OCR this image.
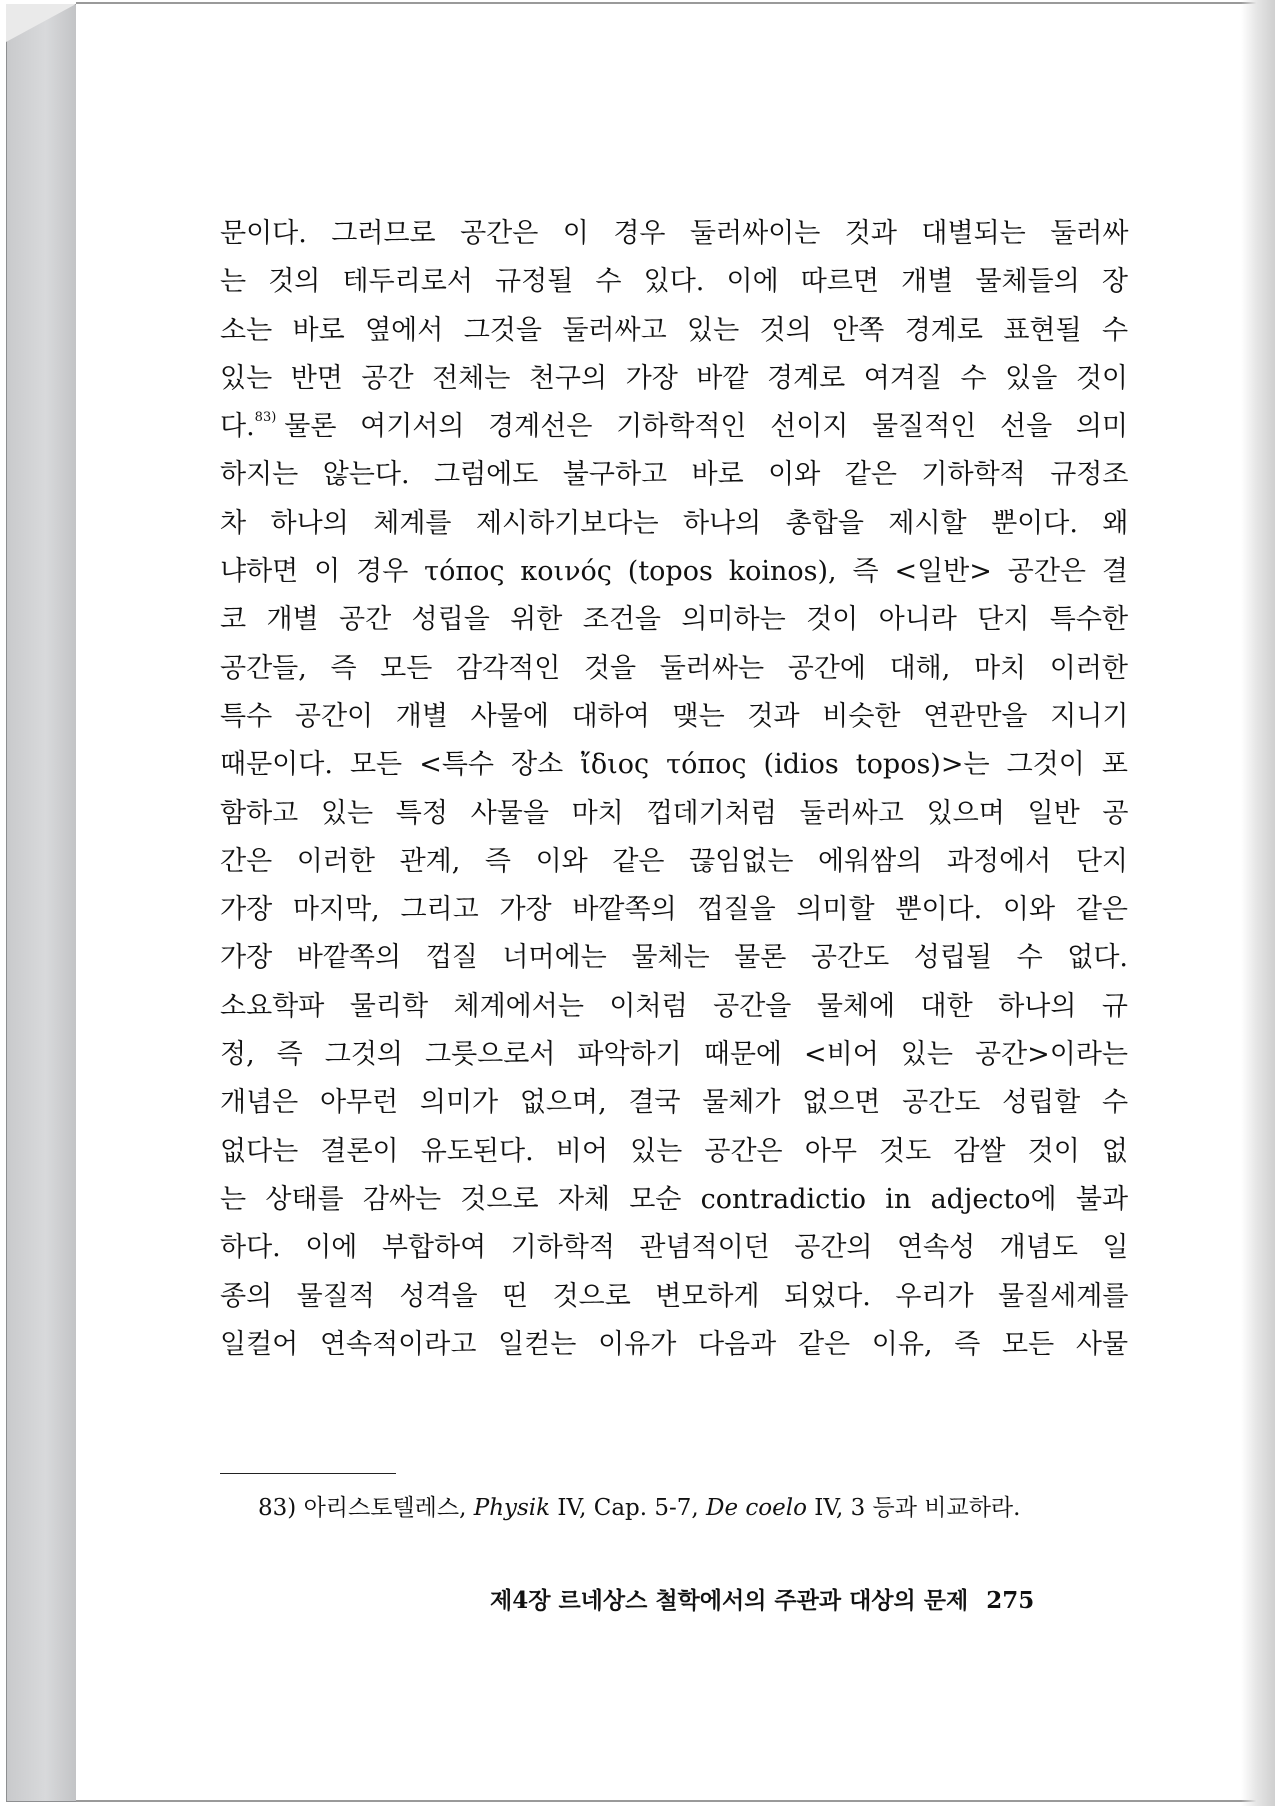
문이다. 그러므로 공간은 이 경우 둘러싸이는 것과 대별되는 둘러싸
는 것의 테두리로서 규정될 수 있다. 이에 따르면 개별 물체들의 장
소는 바로 옆에서 그것을 둘러싸고 있는 것의 안쪽 경계로 표현될 수
있는 반면 공간 전체는 천구의 가장 바깥 경계로 여겨질 수 있을 것이
다.$^{83)}$ 물론 여기서의 경계선은 기하학적인 선이지 물질적인 선을 의미
하지는 않는다. 그럼에도 불구하고 바로 이와 같은 기하학적 규정조
차 하나의 체계를 제시하기보다는 하나의 총합을 제시할 뿐이다. 왜
냐하면 이 경우 τόπος κοινός (topos koinos), 즉 <일반> 공간은 결
코 개별 공간 성립을 위한 조건을 의미하는 것이 아니라 단지 특수한
공간들, 즉 모든 감각적인 것을 둘러싸는 공간에 대해, 마치 이러한
특수 공간이 개별 사물에 대하여 맺는 것과 비슷한 연관만을 지니기
때문이다. 모든 <특수 장소 ἴδιος τόπος (idios topos)>는 그것이 포
함하고 있는 특정 사물을 마치 껍데기처럼 둘러싸고 있으며 일반 공
간은 이러한 관계, 즉 이와 같은 끊임없는 에워쌈의 과정에서 단지
가장 마지막, 그리고 가장 바깥쪽의 껍질을 의미할 뿐이다. 이와 같은
가장 바깥쪽의 껍질 너머에는 물체는 물론 공간도 성립될 수 없다.
소요학파 물리학 체계에서는 이처럼 공간을 물체에 대한 하나의 규
정, 즉 그것의 그릇으로서 파악하기 때문에 <비어 있는 공간>이라는
개념은 아무런 의미가 없으며, 결국 물체가 없으면 공간도 성립할 수
없다는 결론이 유도된다. 비어 있는 공간은 아무 것도 감쌀 것이 없
는 상태를 감싸는 것으로 자체 모순 contradictio in adjecto에 불과
하다. 이에 부합하여 기하학적 관념적이던 공간의 연속성 개념도 일
종의 물질적 성격을 띤 것으로 변모하게 되었다. 우리가 물질세계를
일컬어 연속적이라고 일컫는 이유가 다음과 같은 이유, 즉 모든 사물
83) 아리스토텔레스, Physik IV, Cap. 5-7, De coelo IV, 3 등과 비교하라.
제4장 르네상스 철학에서의 주관과 대상의 문제 275
